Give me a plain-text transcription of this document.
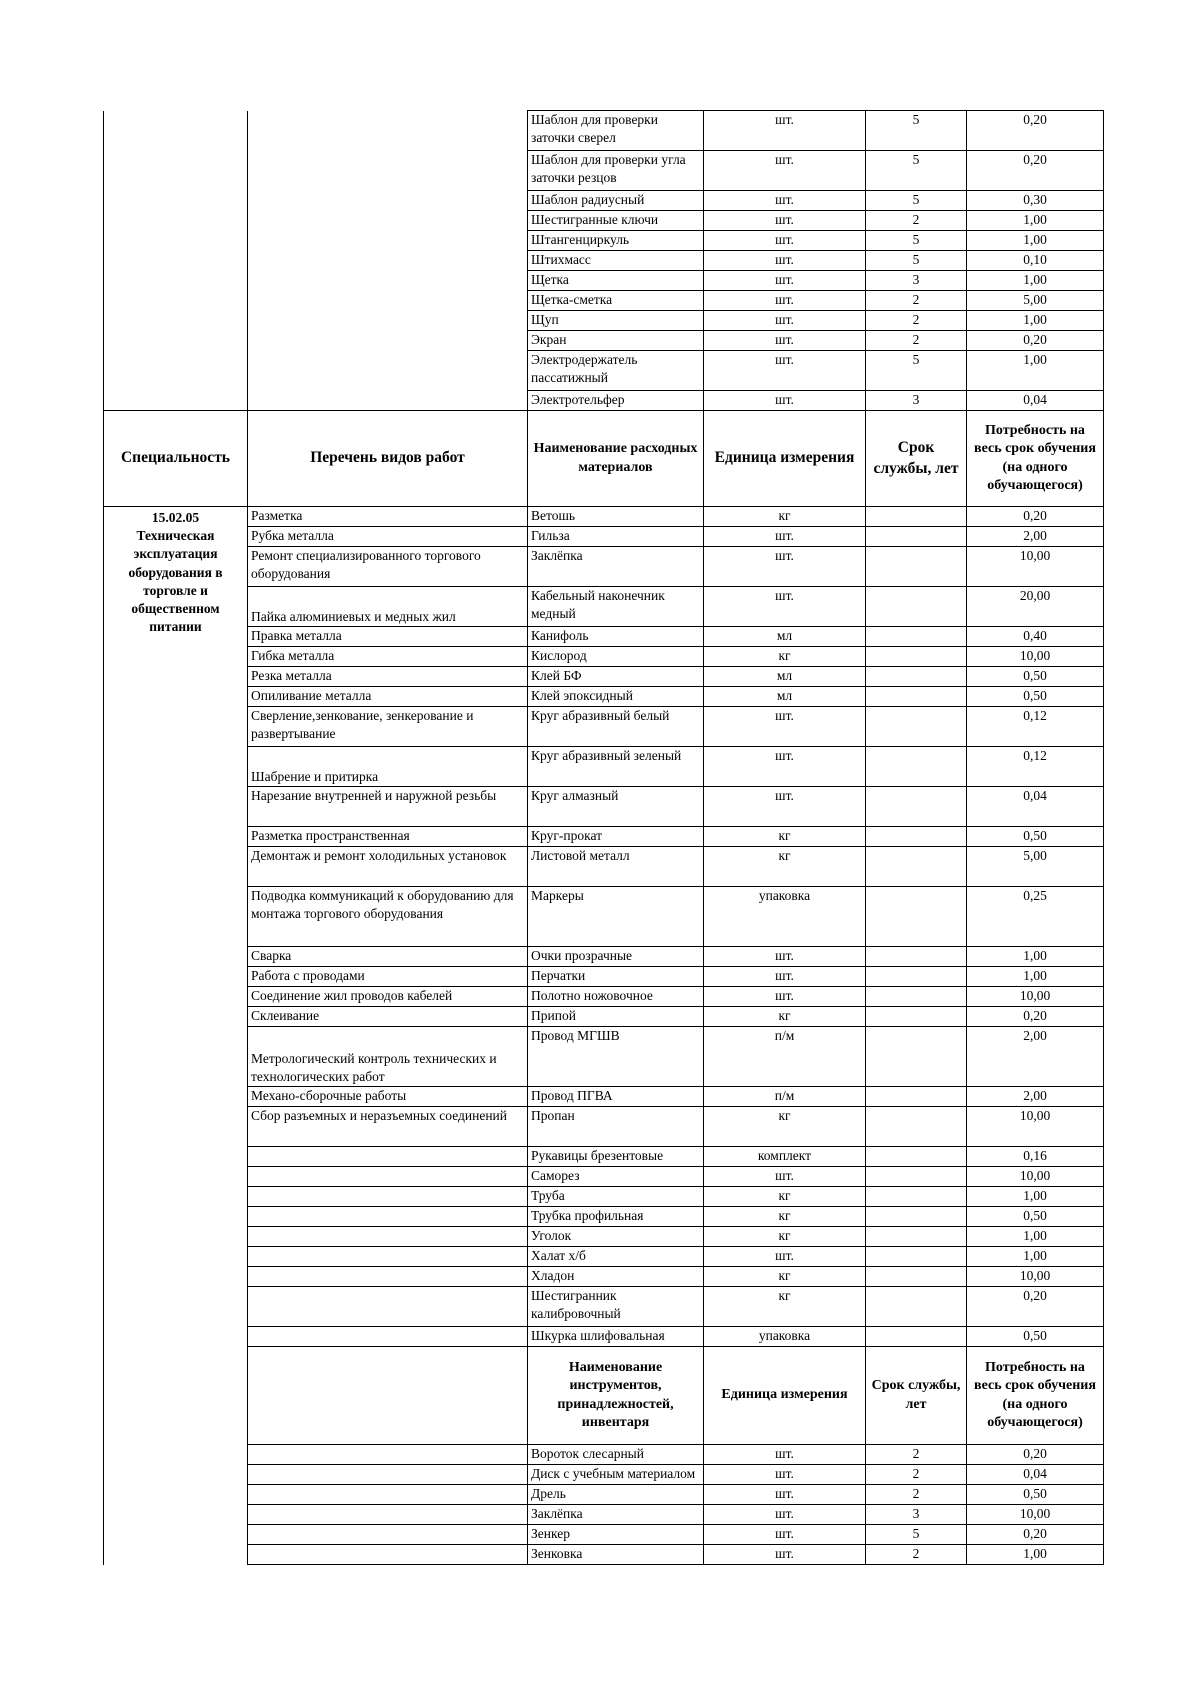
		Шаблон для проверки заточки сверел	шт.	5	0,20
		Шаблон для проверки угла заточки резцов	шт.	5	0,20
		Шаблон радиусный	шт.	5	0,30
		Шестигранные ключи	шт.	2	1,00
		Штангенциркуль	шт.	5	1,00
		Штихмасс	шт.	5	0,10
		Щетка	шт.	3	1,00
		Щетка-сметка	шт.	2	5,00
		Щуп	шт.	2	1,00
		Экран	шт.	2	0,20
		Электродержатель пассатижный	шт.	5	1,00
		Электротельфер	шт.	3	0,04
Специальность	Перечень видов работ	Наименование расходных материалов	Единица измерения	Срок службы, лет	Потребность на весь срок обучения (на одного обучающегося)

15.02.05
Техническая эксплуатация оборудования в торговле и общественном питании	Разметка	Ветошь	кг		0,20
	Рубка металла	Гильза	шт.		2,00
	Ремонт специализированного торгового оборудования	Заклёпка	шт.		10,00
	Пайка алюминиевых и медных жил	Кабельный наконечник медный	шт.		20,00
	Правка металла	Канифоль	мл		0,40
	Гибка металла	Кислород	кг		10,00
	Резка металла	Клей БФ	мл		0,50
	Опиливание металла	Клей эпоксидный	мл		0,50
	Сверление,зенкование, зенкерование и развертывание	Круг абразивный белый	шт.		0,12
	Шабрение и притирка	Круг абразивный зеленый	шт.		0,12
	Нарезание внутренней и наружной резьбы	Круг алмазный	шт.		0,04
	Разметка пространственная	Круг-прокат	кг		0,50
	Демонтаж и ремонт холодильных установок	Листовой металл	кг		5,00
	Подводка коммуникаций к оборудованию для монтажа торгового оборудования	Маркеры	упаковка		0,25
	Сварка	Очки прозрачные	шт.		1,00
	Работа с проводами	Перчатки	шт.		1,00
	Соединение жил проводов кабелей	Полотно ножовочное	шт.		10,00
	Склеивание	Припой	кг		0,20
	Метрологический контроль технических и технологических работ	Провод МГШВ	п/м		2,00
	Механо-сборочные работы	Провод ПГВА	п/м		2,00
	Сбор разъемных и неразъемных соединений	Пропан	кг		10,00
		Рукавицы брезентовые	комплект		0,16
		Саморез	шт.		10,00
		Труба	кг		1,00
		Трубка профильная	кг		0,50
		Уголок	кг		1,00
		Халат х/б	шт.		1,00
		Хладон	кг		10,00
		Шестигранник калибровочный	кг		0,20
		Шкурка шлифовальная	упаковка		0,50
		Наименование инструментов, принадлежностей, инвентаря	Единица измерения	Срок службы, лет	Потребность на весь срок обучения (на одного обучающегося)
		Вороток слесарный	шт.	2	0,20
		Диск с учебным материалом	шт.	2	0,04
		Дрель	шт.	2	0,50
		Заклёпка	шт.	3	10,00
		Зенкер	шт.	5	0,20
		Зенковка	шт.	2	1,00
